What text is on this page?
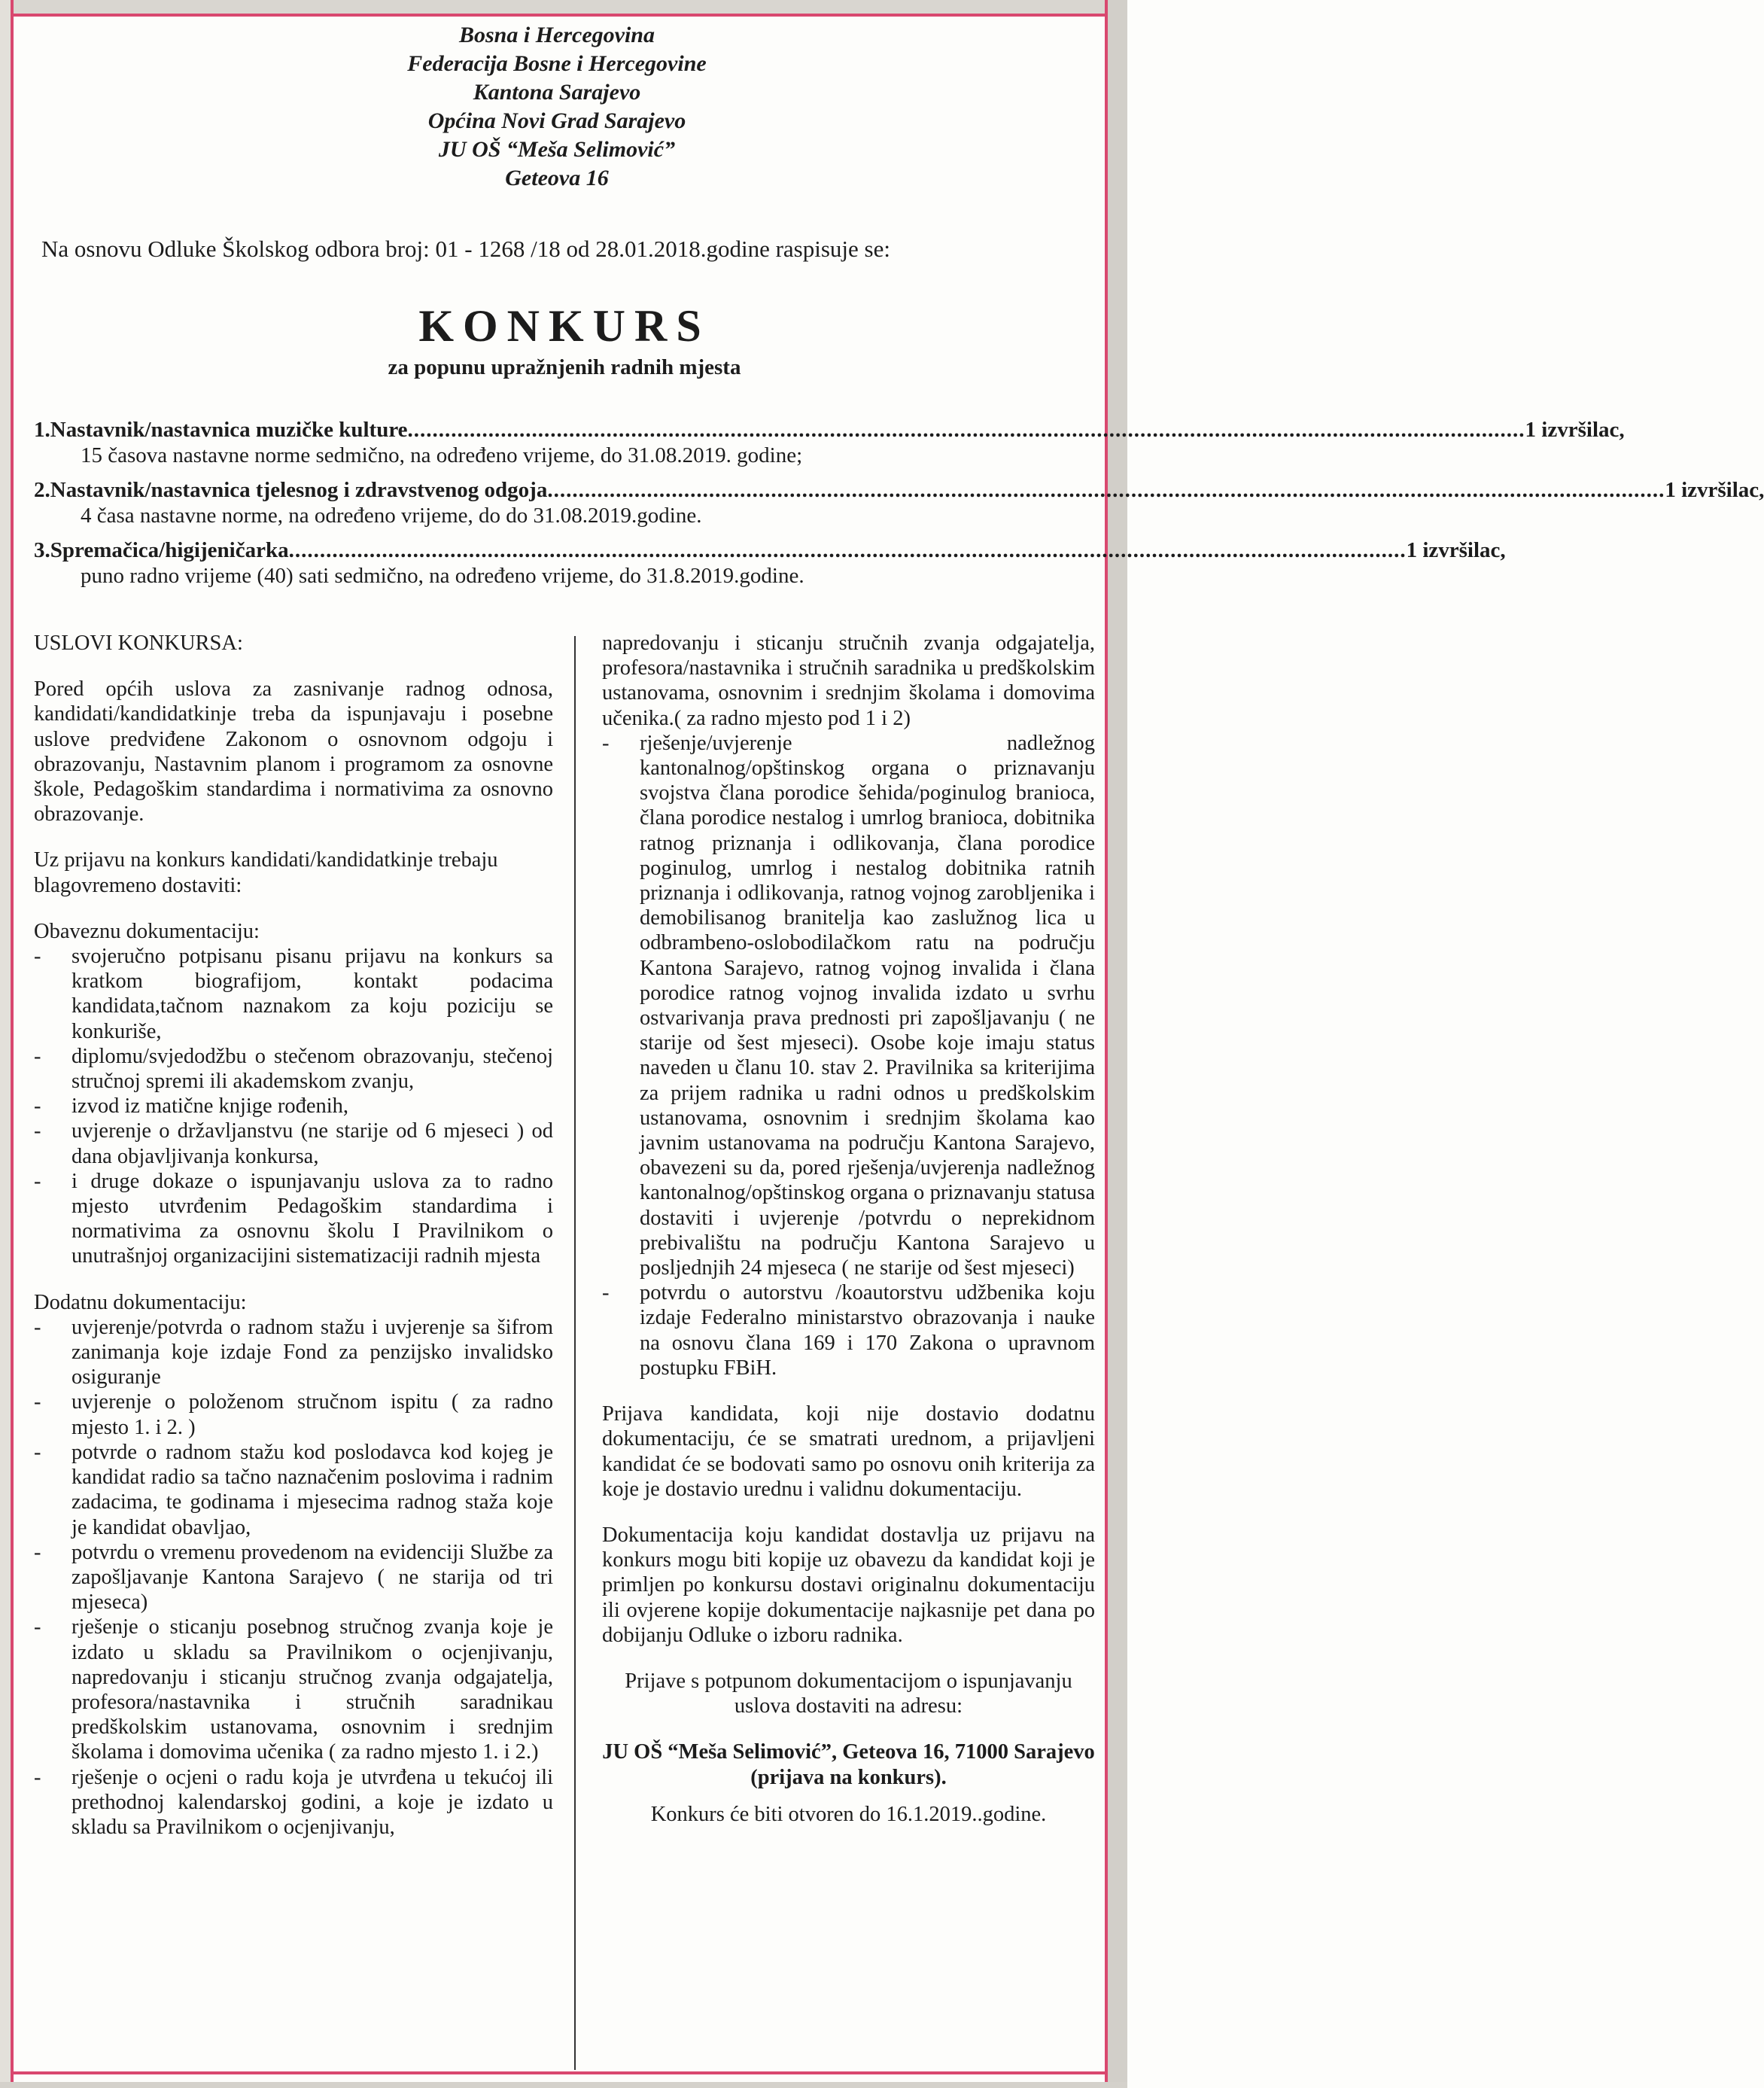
Bosna i Hercegovina
Federacija Bosne i Hercegovine
Kantona Sarajevo
Općina Novi Grad Sarajevo
JU OŠ “Meša Selimović”
Geteova 16
Na osnovu Odluke Školskog odbora broj: 01 - 1268 /18 od 28.01.2018.godine raspisuje se:
KONKURS
za popunu upražnjenih radnih mjesta
1. Nastavnik/nastavnica muzičke kulture .................................................................................................................................................................................... 1 izvršilac,
15 časova nastavne norme sedmično, na određeno vrijeme, do 31.08.2019. godine;
2. Nastavnik/nastavnica tjelesnog i zdravstvenog odgoja .................................................................................................................................................................................... 1 izvršilac,
4 časa nastavne norme, na određeno vrijeme, do do 31.08.2019.godine.
3. Spremačica/higijeničarka .................................................................................................................................................................................... 1 izvršilac,
puno radno vrijeme (40) sati sedmično, na određeno vrijeme, do 31.8.2019.godine.

USLOVI KONKURSA:

Pored općih uslova za zasnivanje radnog odnosa, kandidati/kandidatkinje treba da ispunjavaju i posebne uslove predviđene Zakonom o osnovnom odgoju i obrazovanju, Nastavnim planom i programom za osnovne škole, Pedagoškim standardima i normativima za osnovno obrazovanje.

Uz prijavu na konkurs kandidati/kandidatkinje trebaju blagovremeno dostaviti:

Obaveznu dokumentaciju:

- svojeručno potpisanu pisanu prijavu na konkurs sa kratkom biografijom, kontakt podacima kandidata,tačnom naznakom za koju poziciju se konkuriše,
- diplomu/svjedodžbu o stečenom obrazovanju, stečenoj stručnoj spremi ili akademskom zvanju,
- izvod iz matične knjige rođenih,
- uvjerenje o državljanstvu (ne starije od 6 mjeseci ) od dana objavljivanja konkursa,
- i druge dokaze o ispunjavanju uslova za to radno mjesto utvrđenim Pedagoškim standardima i normativima za osnovnu školu I Pravilnikom o unutrašnjoj organizacijini sistematizaciji radnih mjesta

Dodatnu dokumentaciju:

- uvjerenje/potvrda o radnom stažu i uvjerenje sa šifrom zanimanja koje izdaje Fond za penzijsko invalidsko osiguranje
- uvjerenje o položenom stručnom ispitu ( za radno mjesto 1. i 2. )
- potvrde o radnom stažu kod poslodavca kod kojeg je kandidat radio sa tačno naznačenim poslovima i radnim zadacima, te godinama i mjesecima radnog staža koje je kandidat obavljao,
- potvrdu o vremenu provedenom na evidenciji Službe za zapošljavanje Kantona Sarajevo ( ne starija od tri mjeseca)
- rješenje o sticanju posebnog stručnog zvanja koje je izdato u skladu sa Pravilnikom o ocjenjivanju, napredovanju i sticanju stručnog zvanja odgajatelja, profesora/nastavnika i stručnih saradnikau predškolskim ustanovama, osnovnim i srednjim školama i domovima učenika ( za radno mjesto 1. i 2.)
- rješenje o ocjeni o radu koja je utvrđena u tekućoj ili prethodnoj kalendarskoj godini, a koje je izdato u skladu sa Pravilnikom o ocjenjivanju,

napredovanju i sticanju stručnih zvanja odgajatelja, profesora/nastavnika i stručnih saradnika u predškolskim ustanovama, osnovnim i srednjim školama i domovima učenika.( za radno mjesto pod 1 i 2)

- rješenje/uvjerenje nadležnog kantonalnog/opštinskog organa o priznavanju svojstva člana porodice šehida/poginulog branioca, člana porodice nestalog i umrlog branioca, dobitnika ratnog priznanja i odlikovanja, člana porodice poginulog, umrlog i nestalog dobitnika ratnih priznanja i odlikovanja, ratnog vojnog zarobljenika i demobilisanog branitelja kao zaslužnog lica u odbrambeno-oslobodilačkom ratu na području Kantona Sarajevo, ratnog vojnog invalida i člana porodice ratnog vojnog invalida izdato u svrhu ostvarivanja prava prednosti pri zapošljavanju ( ne starije od šest mjeseci). Osobe koje imaju status naveden u članu 10. stav 2. Pravilnika sa kriterijima za prijem radnika u radni odnos u predškolskim ustanovama, osnovnim i srednjim školama kao javnim ustanovama na području Kantona Sarajevo, obavezeni su da, pored rješenja/uvjerenja nadležnog kantonalnog/opštinskog organa o priznavanju statusa dostaviti i uvjerenje /potvrdu o neprekidnom prebivalištu na području Kantona Sarajevo u posljednjih 24 mjeseca ( ne starije od šest mjeseci)
- potvrdu o autorstvu /koautorstvu udžbenika koju izdaje Federalno ministarstvo obrazovanja i nauke na osnovu člana 169 i 170 Zakona o upravnom postupku FBiH.

Prijava kandidata, koji nije dostavio dodatnu dokumentaciju, će se smatrati urednom, a prijavljeni kandidat će se bodovati samo po osnovu onih kriterija za koje je dostavio urednu i validnu dokumentaciju.

Dokumentacija koju kandidat dostavlja uz prijavu na konkurs mogu biti kopije uz obavezu da kandidat koji je primljen po konkursu dostavi originalnu dokumentaciju ili ovjerene kopije dokumentacije najkasnije pet dana po dobijanju Odluke o izboru radnika.

Prijave s potpunom dokumentacijom o ispunjavanju uslova dostaviti na adresu:

JU OŠ “Meša Selimović”, Geteova 16, 71000 Sarajevo (prijava na konkurs).

Konkurs će biti otvoren do 16.1.2019..godine.
